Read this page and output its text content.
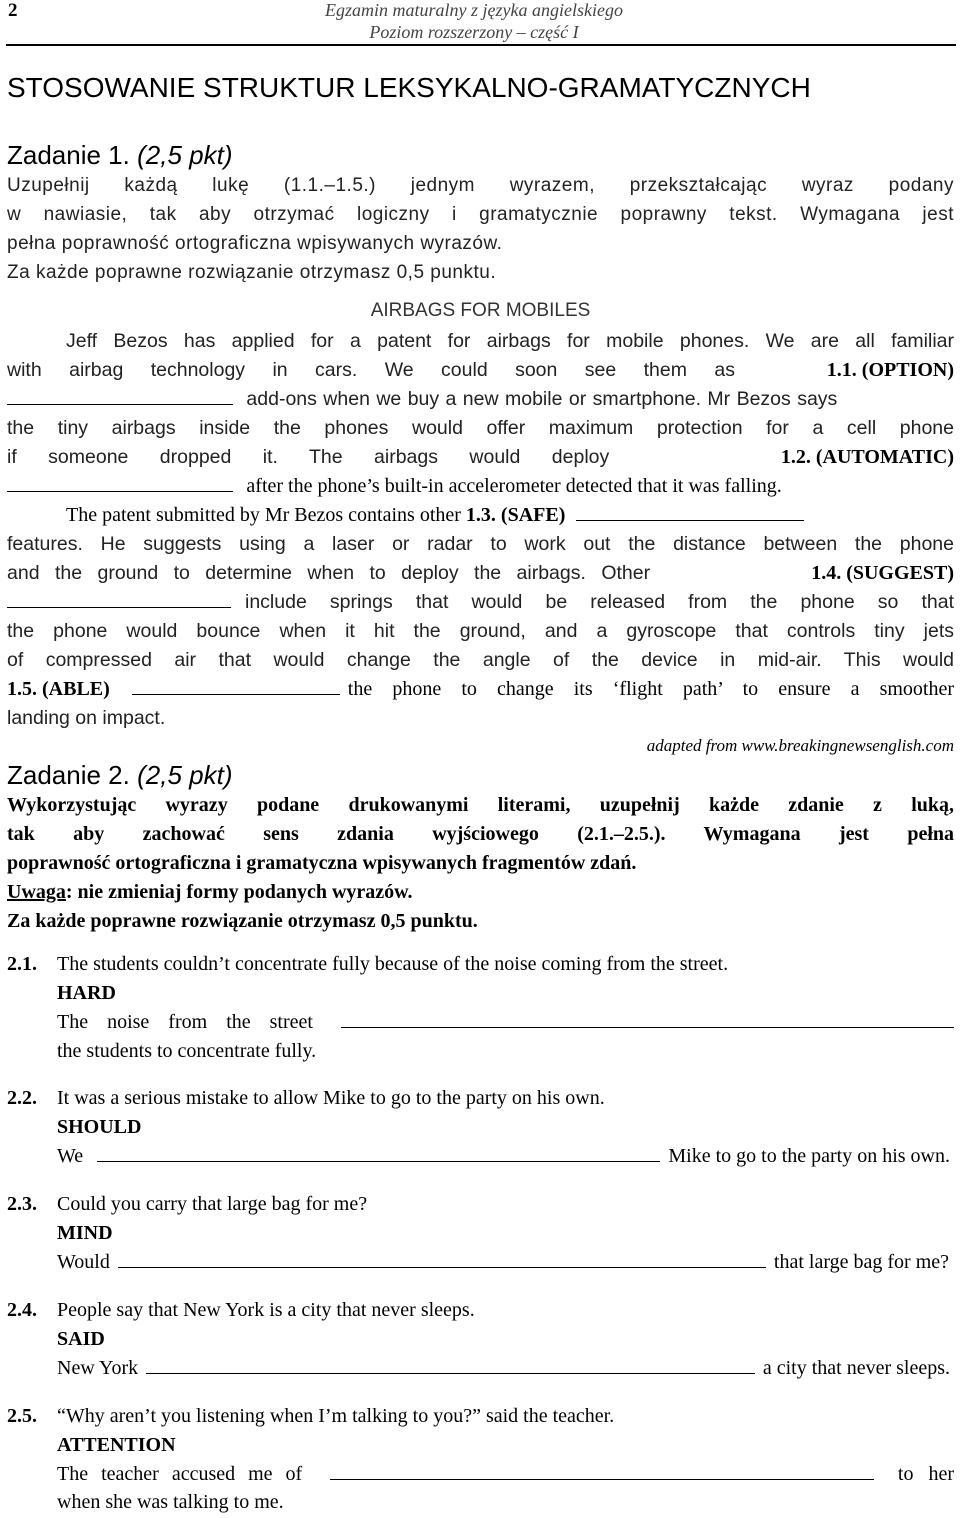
2	Egzamin maturalny z języka angielskiego
Poziom rozszerzony – część I
STOSOWANIE STRUKTUR LEKSYKALNO-GRAMATYCZNYCH
Zadanie 1. (2,5 pkt)
Uzupełnij każdą lukę (1.1.–1.5.) jednym wyrazem, przekształcając wyraz podany
w nawiasie, tak aby otrzymać logiczny i gramatycznie poprawny tekst. Wymagana jest
pełna poprawność ortograficzna wpisywanych wyrazów.
Za każde poprawne rozwiązanie otrzymasz 0,5 punktu.
AIRBAGS FOR MOBILES
Jeff Bezos has applied for a patent for airbags for mobile phones. We are all familiar
with airbag technology in cars. We could soon see them as	1.1. (OPTION)
add-ons when we buy a new mobile or smartphone. Mr Bezos says
the tiny airbags inside the phones would offer maximum protection for a cell phone
if someone dropped it. The airbags would deploy	1.2. (AUTOMATIC)
after the phone’s built-in accelerometer detected that it was falling.
The patent submitted by Mr Bezos contains other 1.3. (SAFE)
features. He suggests using a laser or radar to work out the distance between the phone
and the ground to determine when to deploy the airbags. Other	1.4. (SUGGEST)
include springs that would be released from the phone so that
the phone would bounce when it hit the ground, and a gyroscope that controls tiny jets
of compressed air that would change the angle of the device in mid-air. This would
1.5. (ABLE)	the phone to change its ‘flight path’ to ensure a smoother
landing on impact.
adapted from www.breakingnewsenglish.com
Zadanie 2. (2,5 pkt)
Wykorzystując wyrazy podane drukowanymi literami, uzupełnij każde zdanie z luką,
tak aby zachować sens zdania wyjściowego (2.1.–2.5.). Wymagana jest pełna
poprawność ortograficzna i gramatyczna wpisywanych fragmentów zdań.
Uwaga: nie zmieniaj formy podanych wyrazów.
Za każde poprawne rozwiązanie otrzymasz 0,5 punktu.
2.1.	The students couldn’t concentrate fully because of the noise coming from the street.
HARD
The noise from the street
the students to concentrate fully.
2.2.	It was a serious mistake to allow Mike to go to the party on his own.
SHOULD
We	Mike to go to the party on his own.
2.3.	Could you carry that large bag for me?
MIND
Would	that large bag for me?
2.4.	People say that New York is a city that never sleeps.
SAID
New York	a city that never sleeps.
2.5.	“Why aren’t you listening when I’m talking to you?” said the teacher.
ATTENTION
The teacher accused me of	to her
when she was talking to me.
